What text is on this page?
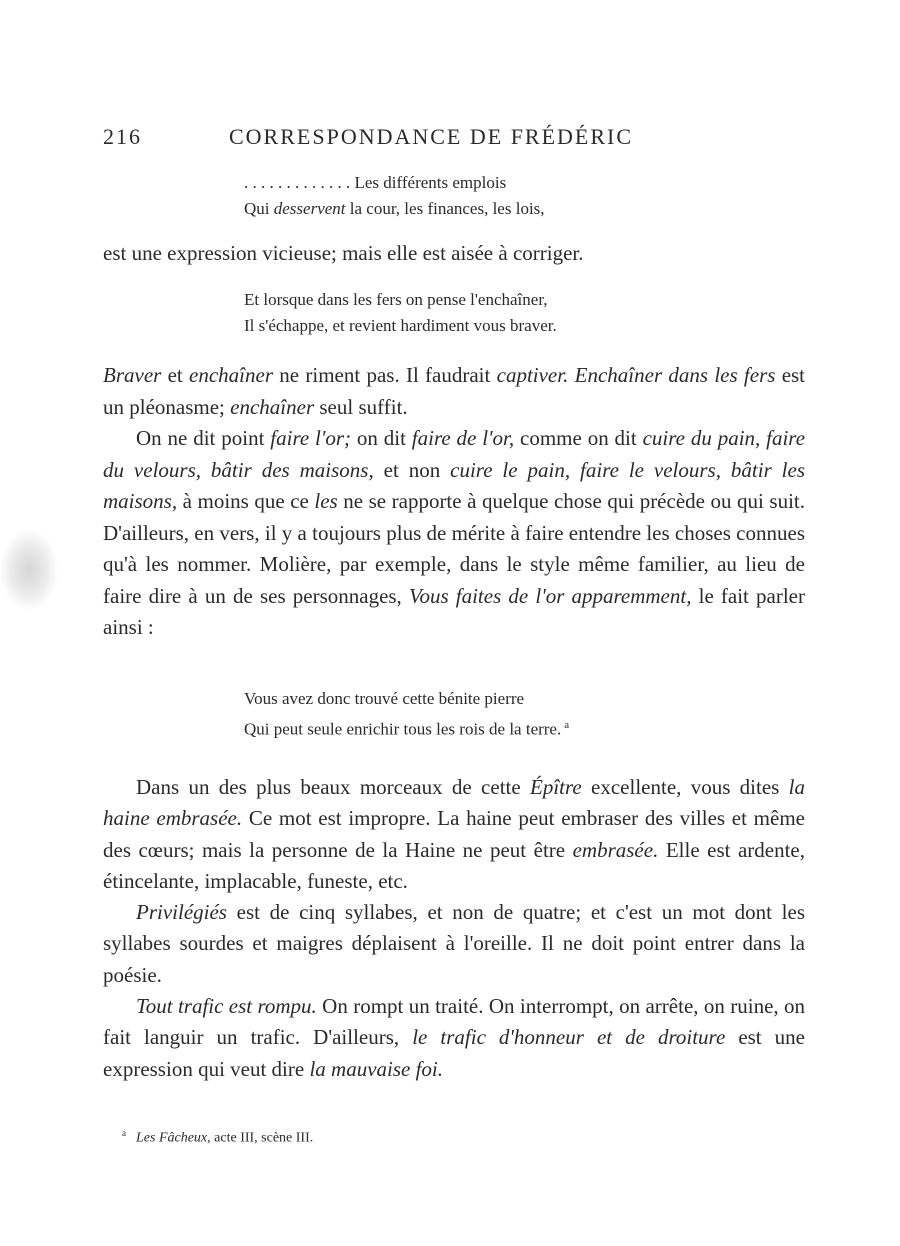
216	CORRESPONDANCE DE FRÉDÉRIC
. . . . . . . . . . . . . Les différents emplois
Qui desservent la cour, les finances, les lois,

est une expression vicieuse; mais elle est aisée à corriger.

Et lorsque dans les fers on pense l'enchaîner,
Il s'échappe, et revient hardiment vous braver.

Braver et enchaîner ne riment pas. Il faudrait captiver. Enchaîner dans les fers est un pléonasme; enchaîner seul suffit.

On ne dit point faire l'or; on dit faire de l'or, comme on dit cuire du pain, faire du velours, bâtir des maisons, et non cuire le pain, faire le velours, bâtir les maisons, à moins que ce les ne se rapporte à quelque chose qui précède ou qui suit. D'ailleurs, en vers, il y a toujours plus de mérite à faire entendre les choses connues qu'à les nommer. Molière, par exemple, dans le style même familier, au lieu de faire dire à un de ses personnages, Vous faites de l'or apparemment, le fait parler ainsi :

Vous avez donc trouvé cette bénite pierre
Qui peut seule enrichir tous les rois de la terre. $^a$

Dans un des plus beaux morceaux de cette Épître excellente, vous dites la haine embrasée. Ce mot est impropre. La haine peut embraser des villes et même des cœurs; mais la personne de la Haine ne peut être embrasée. Elle est ardente, étincelante, implacable, funeste, etc.

Privilégiés est de cinq syllabes, et non de quatre; et c'est un mot dont les syllabes sourdes et maigres déplaisent à l'oreille. Il ne doit point entrer dans la poésie.

Tout trafic est rompu. On rompt un traité. On interrompt, on arrête, on ruine, on fait languir un trafic. D'ailleurs, le trafic d'honneur et de droiture est une expression qui veut dire la mauvaise foi.

$^a$ Les Fâcheux, acte III, scène III.
